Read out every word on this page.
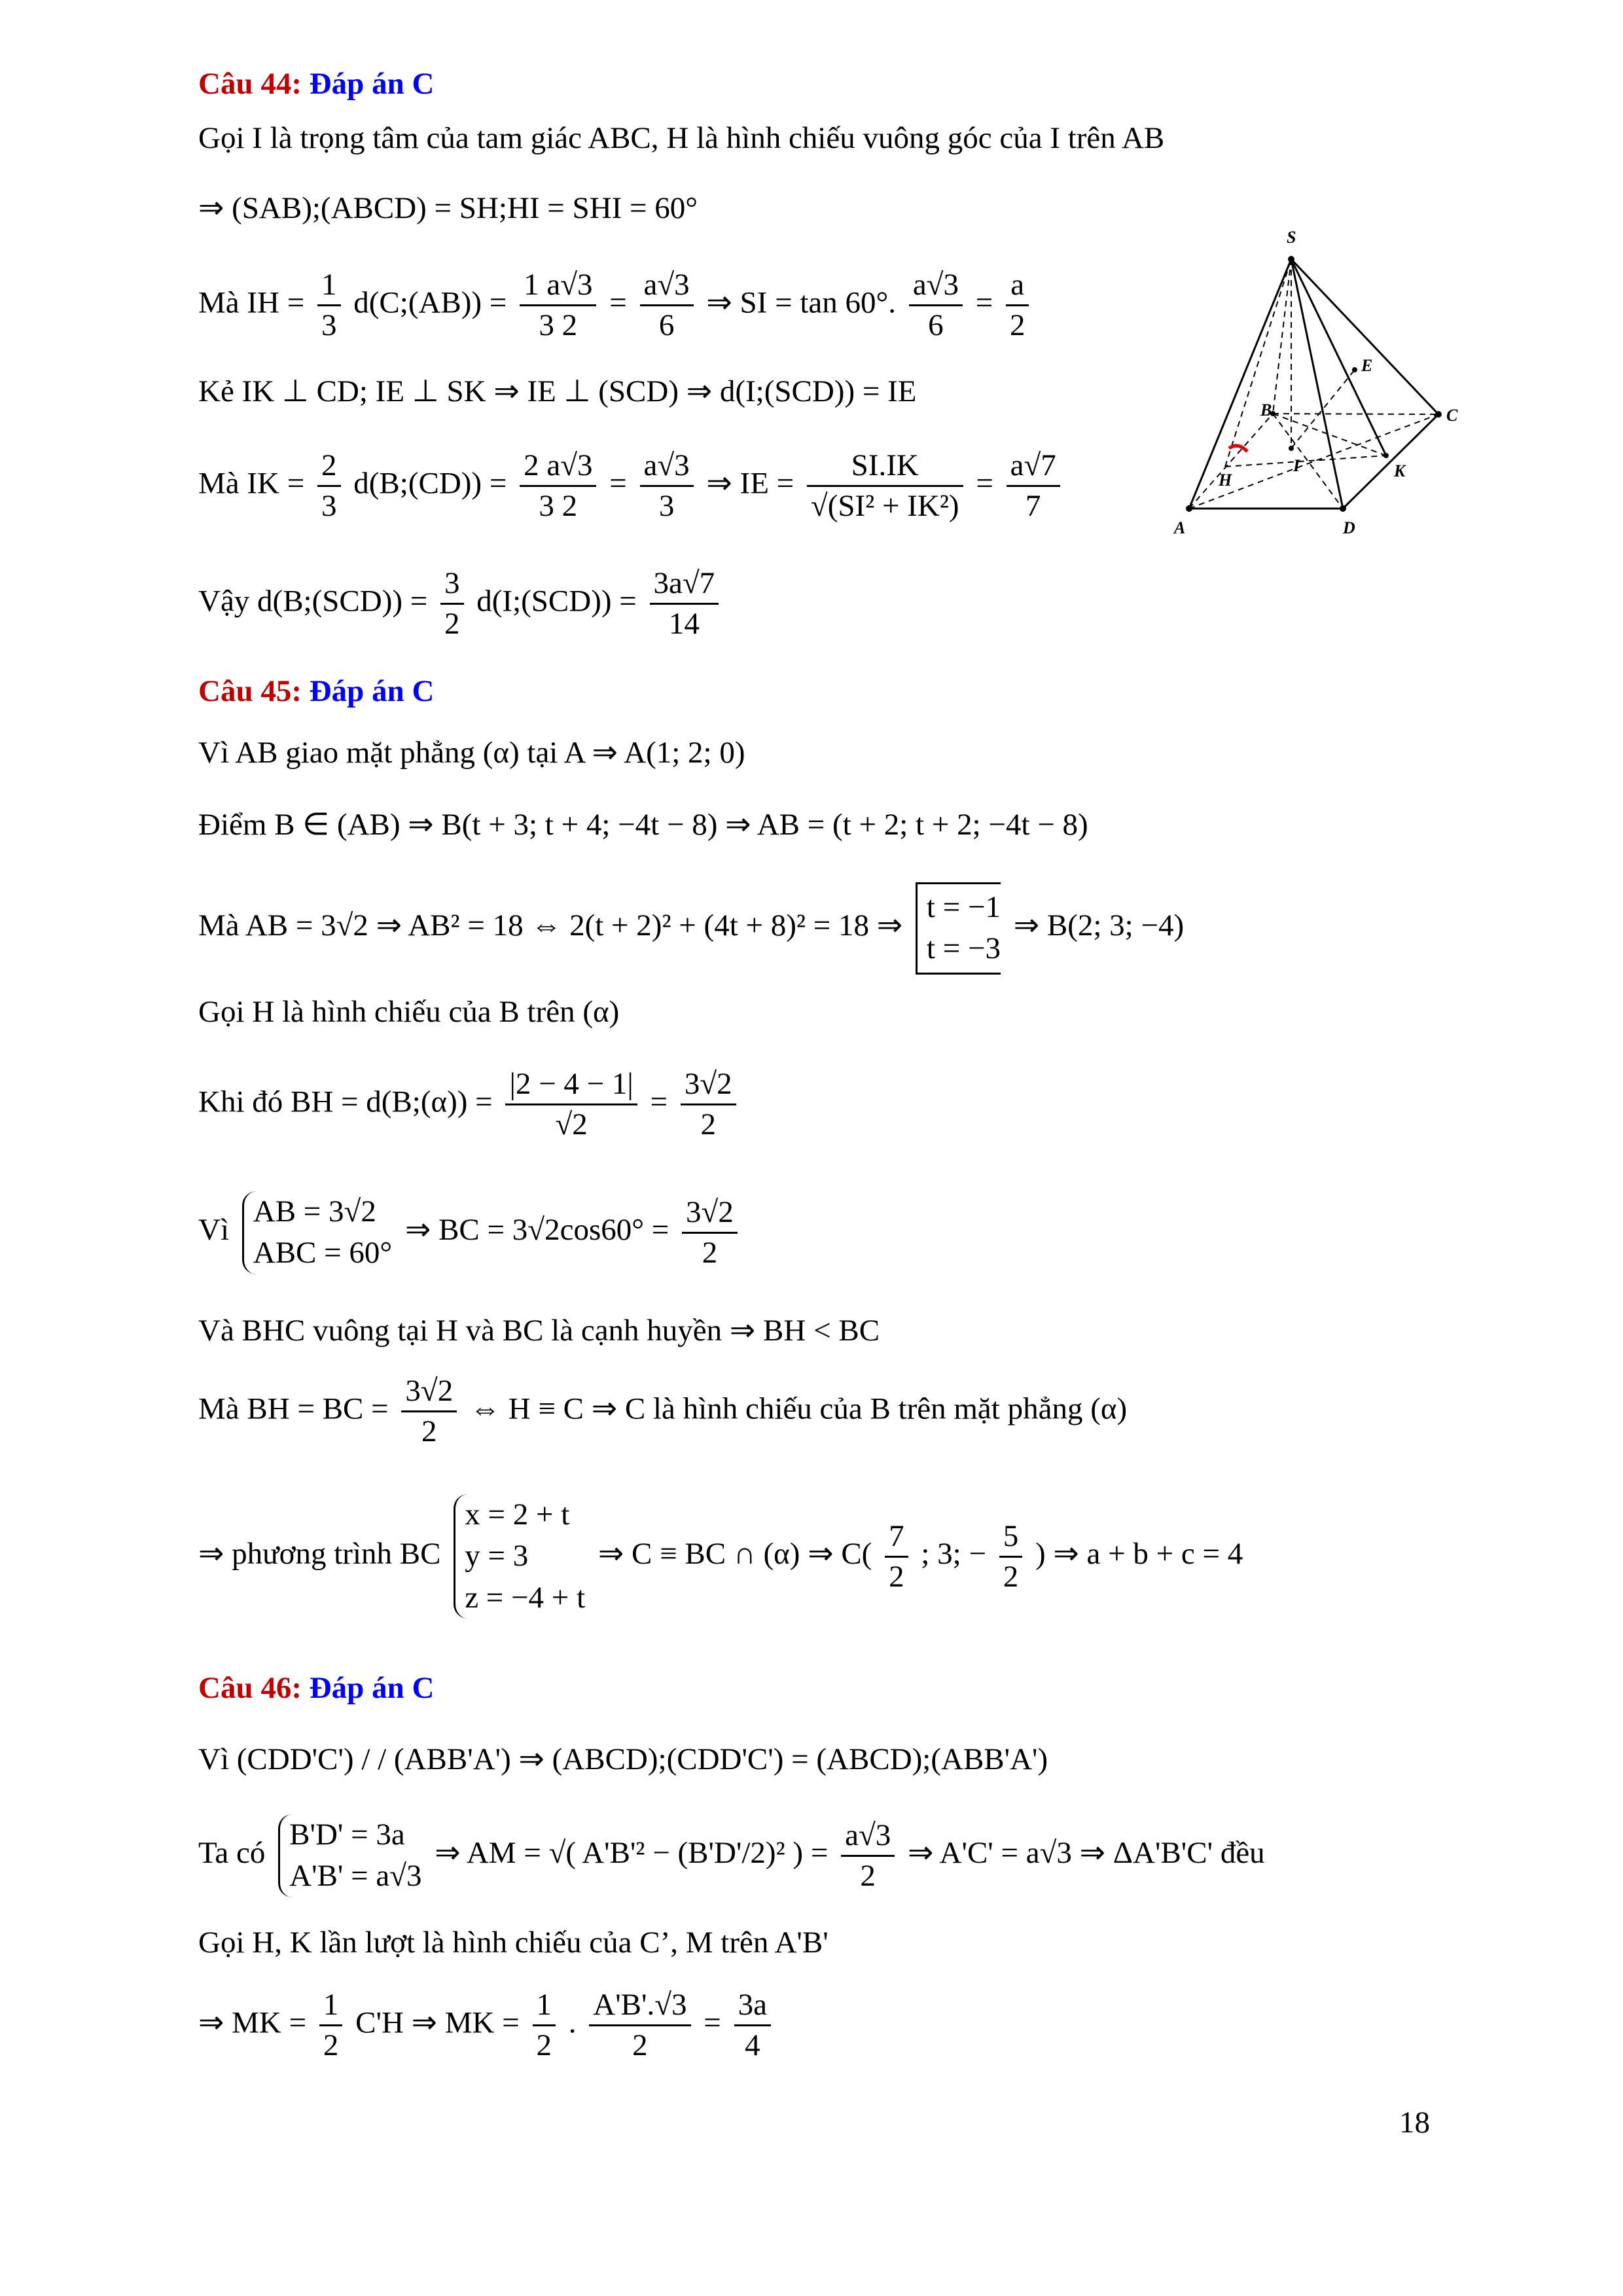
Câu 44: Đáp án C
Gọi I là trọng tâm của tam giác ABC, H là hình chiếu vuông góc của I trên AB
⇒ (SAB);(ABCD) = SH;HI = SHI = 60°
Mà IH = $\frac{1}{3}$ d(C;(AB)) = $\frac{1 a√3}{3 2} = \frac{a√3}{6}$ ⇒ SI = tan 60°. $\frac{a√3}{6} = \frac{a}{2}$
Kẻ IK ⊥ CD; IE ⊥ SK ⇒ IE ⊥ (SCD) ⇒ d(I;(SCD)) = IE
Mà IK = $\frac{2}{3}$ d(B;(CD)) = $\frac{2 a√3}{3 2} = \frac{a√3}{3}$ ⇒ IE = $\frac{SI.IK}{\text{√(SI² + IK²)}} = \frac{a√7}{7}$
Vậy d(B;(SCD)) = $\frac{3}{2}$ d(I;(SCD)) = $\frac{3a√7}{14}$
S
A	D
C
B
E
K
H
I
Câu 45: Đáp án C
Vì AB giao mặt phẳng (α) tại A ⇒ A(1; 2; 0)
Điểm B ∈ (AB) ⇒ B(t + 3; t + 4; −4t − 8) ⇒ AB = (t + 2; t + 2; −4t − 8)
Mà AB = 3√2 ⇒ AB² = 18 ⇔ 2(t + 2)² + (4t + 8)² = 18 ⇒
t = −1
t = −3
⇒ B(2; 3; −4)
Gọi H là hình chiếu của B trên (α)
Khi đó BH = d(B;(α)) = $\frac{|2 - 4 - 1|}{√2} = \frac{3√2}{2}$
Vì
AB = 3√2
ABC = 60°
⇒ BC = $3√2\cos 60^\circ = \frac{3√2}{2}$
Và BHC vuông tại H và BC là cạnh huyền ⇒ BH < BC
Mà BH = BC = $\frac{3√2}{2}$ ⇔ H ≡ C ⇒ C là hình chiếu của B trên mặt phẳng (α)
⇒ phương trình BC
x = 2 + t
y = 3
z = −4 + t
⇒ C ≡ BC ∩ (α) ⇒ $C( \frac{7}{2}$ ; 3; − $\frac{5}{2}$ ) ⇒ a + b + c = 4
Câu 46: Đáp án C
Vì (CDD'C') / / (ABB'A') ⇒ (ABCD);(CDD'C') = (ABCD);(ABB'A')
Ta có
B'D' = 3a
A'B' = a√3
⇒ AM = √( A'B'² − (B'D'/2)² ) = $\frac{a√3}{2}$ ⇒ A'C' = a√3 ⇒ ΔA'B'C' đều
Gọi H, K lần lượt là hình chiếu của C’, M trên A'B'
⇒ MK = $\frac{1}{2} C'H$ ⇒ MK = $\frac{1}{2}$ . $\frac{A'B'.√3}{2} = \frac{3a}{4}$
18
